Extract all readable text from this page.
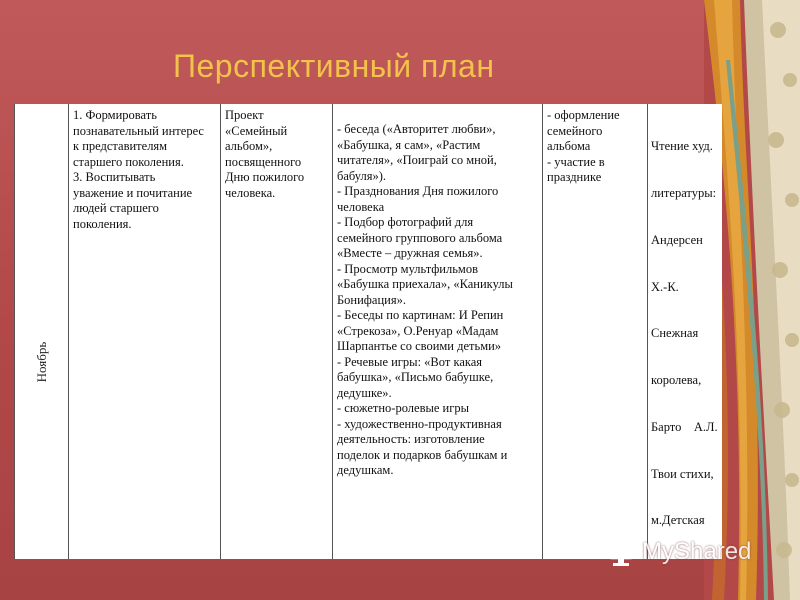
Перспективный план
Ноябрь
1. Формировать
познавательный интерес
к представителям
старшего поколения.
3. Воспитывать
уважение и почитание
людей старшего
поколения.
Проект
«Семейный
альбом»,
посвященного
Дню пожилого
человека.
- беседа («Авторитет любви»,
«Бабушка, я сам», «Растим
читателя», «Поиграй со мной,
бабуля»).
- Празднования Дня пожилого
человека
- Подбор фотографий для
семейного группового альбома
«Вместе – дружная семья».
- Просмотр мультфильмов
«Бабушка приехала», «Каникулы
Бонифация».
- Беседы по картинам: И Репин
«Стрекоза», О.Ренуар «Мадам
Шарпантье со своими детьми»
- Речевые игры: «Вот какая
бабушка», «Письмо бабушке,
дедушке».
- сюжетно-ролевые игры
- художественно-продуктивная
деятельность: изготовление
поделок и подарков бабушкам и
дедушкам.
- оформление
семейного
альбома
- участие в
празднике

Чтение худ.

литературы:

Андерсен

Х.-К.

Снежная

королева,

Барто    А.Л.

Твои стихи,

м.Детская

MyShared
